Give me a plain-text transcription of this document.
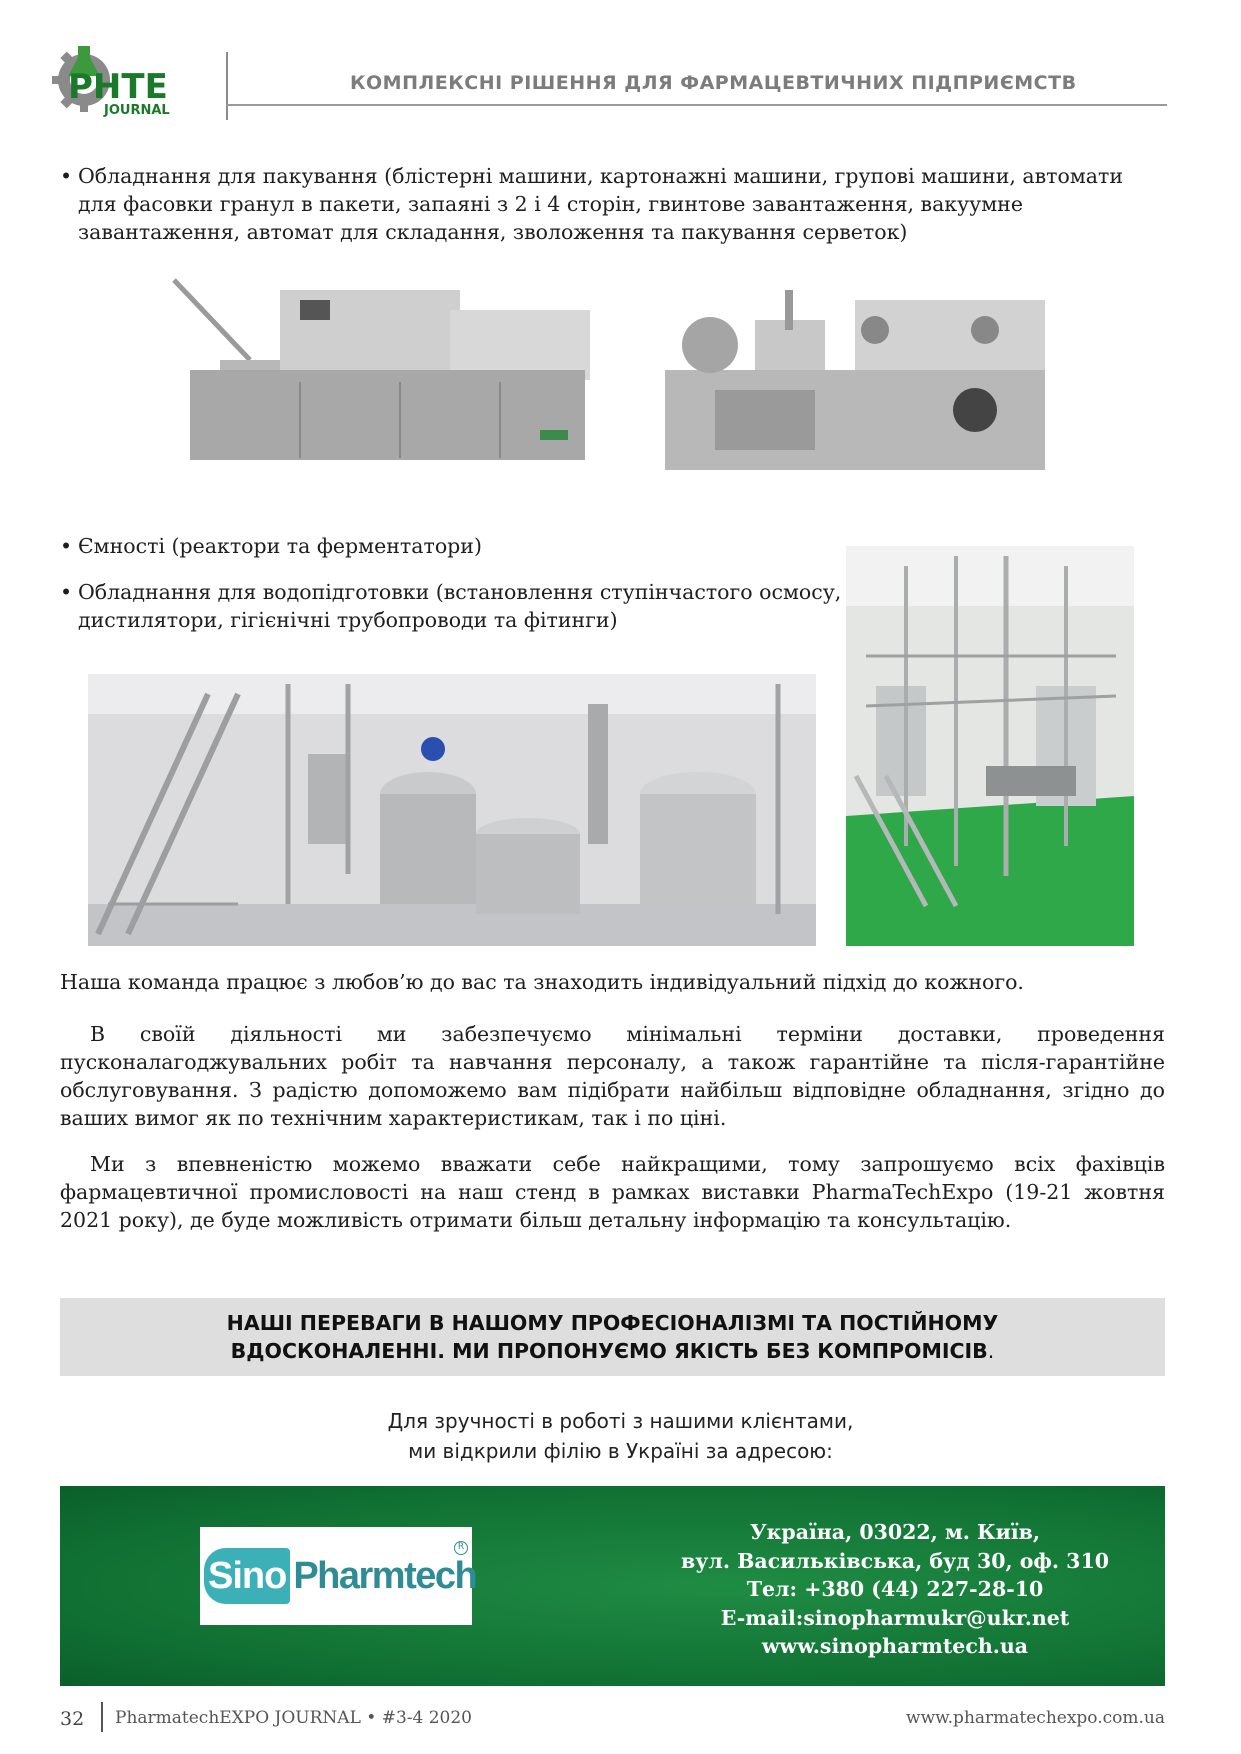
PHTE
JOURNAL
КОМПЛЕКСНІ РІШЕННЯ ДЛЯ ФАРМАЦЕВТИЧНИХ ПІДПРИЄМСТВ
• Обладнання для пакування (блістерні машини, картонажні машини, групові машини, автомати для фасовки гранул в пакети, запаяні з 2 і 4 сторін, гвинтове завантаження, вакуумне завантаження, автомат для складання, зволоження та пакування серветок)
• Ємності (реактори та ферментатори)
• Обладнання для водопідготовки (встановлення ступінчастого осмосу, дистилятори, гігієнічні трубопроводи та фітинги)
Наша команда працює з любов’ю до вас та знаходить індивідуальний підхід до кожного.
В своїй діяльності ми забезпечуємо мінімальні терміни доставки, проведення пусконалагоджувальних робіт та навчання персоналу, а також гарантійне та після-гарантійне обслуговування. З радістю допоможемо вам підібрати найбільш відповідне обладнання, згідно до ваших вимог як по технічним характеристикам, так і по ціні.
Ми з впевненістю можемо вважати себе найкращими, тому запрошуємо всіх фахівців фармацевтичної промисловості на наш стенд в рамках виставки PharmaTechExpo (19-21 жовтня 2021 року), де буде можливість отримати більш детальну інформацію та консультацію.
НАШІ ПЕРЕВАГИ В НАШОМУ ПРОФЕСІОНАЛІЗМІ ТА ПОСТІЙНОМУ
ВДОСКОНАЛЕННІ. МИ ПРОПОНУЄМО ЯКІСТЬ БЕЗ КОМПРОМІСІВ.
Для зручності в роботі з нашими клієнтами,
ми відкрили філію в Україні за адресою:
Sino Pharmtech
R
Україна, 03022, м. Київ,
вул. Васильківська, буд 30, оф. 310
Тел: +380 (44) 227-28-10
E-mail:sinopharmukr@ukr.net
www.sinopharmtech.ua
32 PharmatechEXPO JOURNAL • #3-4 2020	www.pharmatechexpo.com.ua
